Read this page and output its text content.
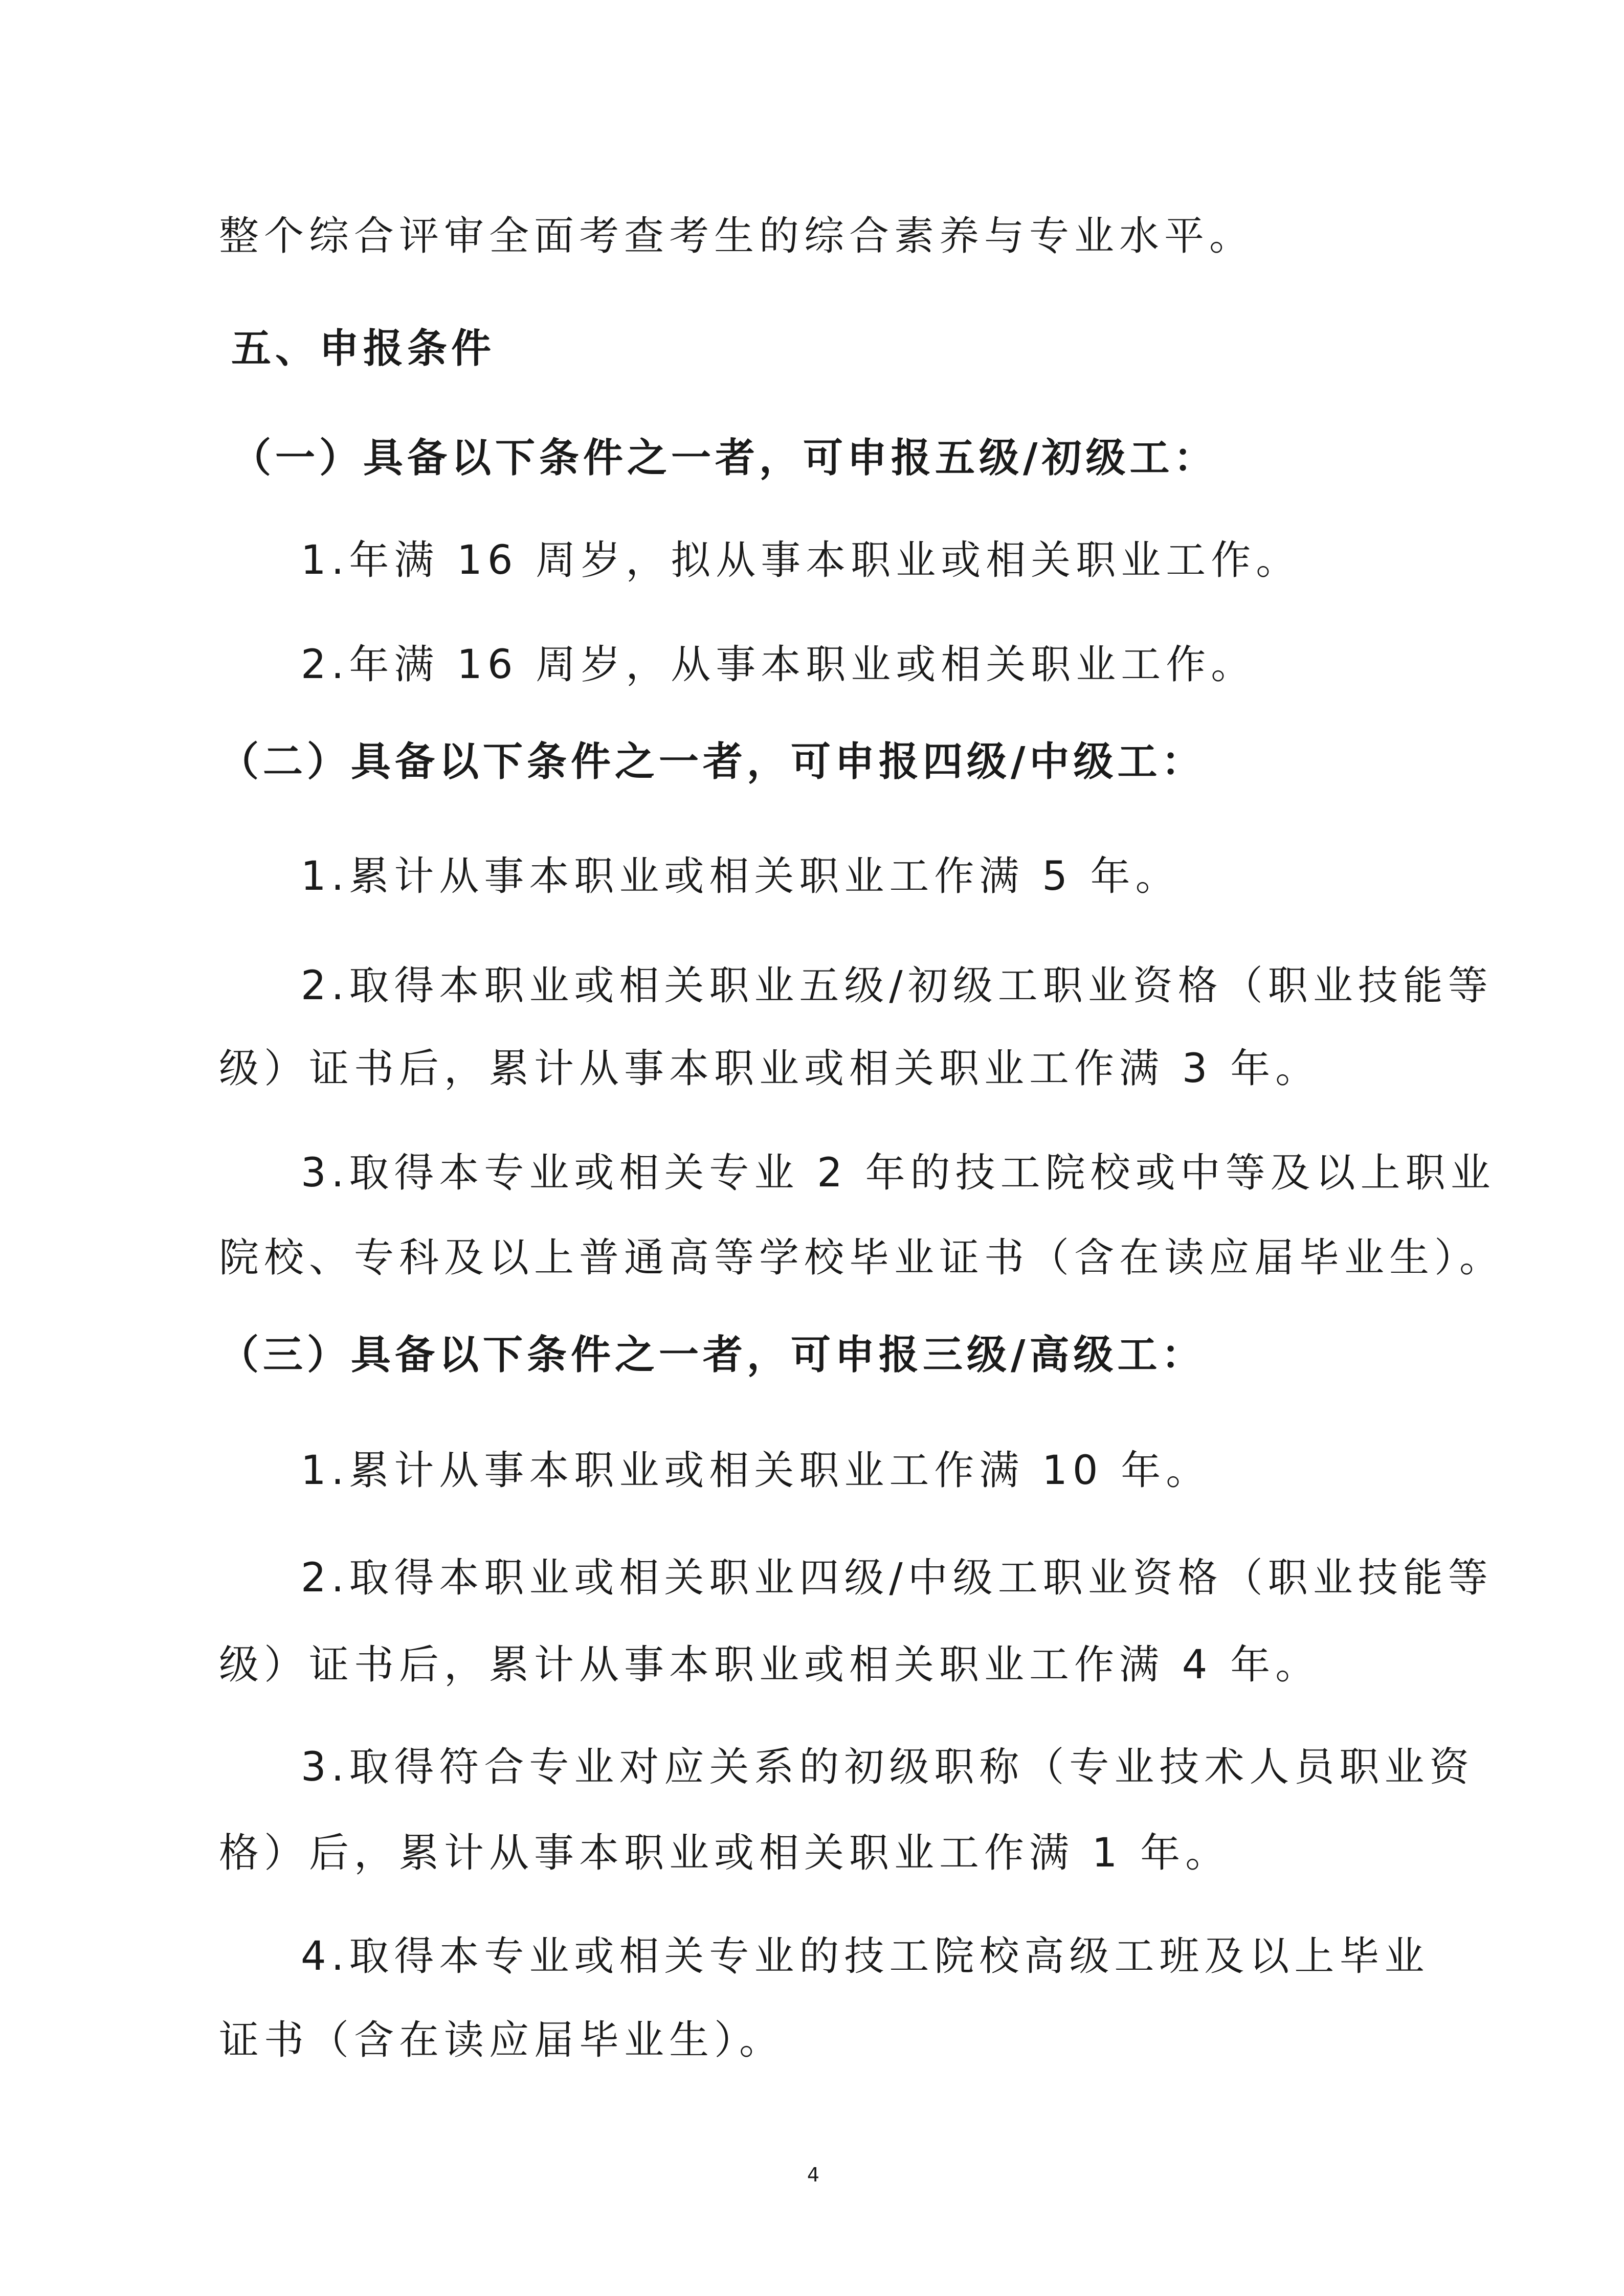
整个综合评审全面考查考生的综合素养与专业水平。
五、申报条件
（一）具备以下条件之一者，可申报五级/初级工：
1.年满 16 周岁，拟从事本职业或相关职业工作。
2.年满 16 周岁，从事本职业或相关职业工作。
（二）具备以下条件之一者，可申报四级/中级工：
1.累计从事本职业或相关职业工作满 5 年。
2.取得本职业或相关职业五级/初级工职业资格（职业技能等
级）证书后，累计从事本职业或相关职业工作满 3 年。
3.取得本专业或相关专业 2 年的技工院校或中等及以上职业
院校、专科及以上普通高等学校毕业证书（含在读应届毕业生）。
（三）具备以下条件之一者，可申报三级/高级工：
1.累计从事本职业或相关职业工作满 10 年。
2.取得本职业或相关职业四级/中级工职业资格（职业技能等
级）证书后，累计从事本职业或相关职业工作满 4 年。
3.取得符合专业对应关系的初级职称（专业技术人员职业资
格）后，累计从事本职业或相关职业工作满 1 年。
4.取得本专业或相关专业的技工院校高级工班及以上毕业
证书（含在读应届毕业生）。
4
